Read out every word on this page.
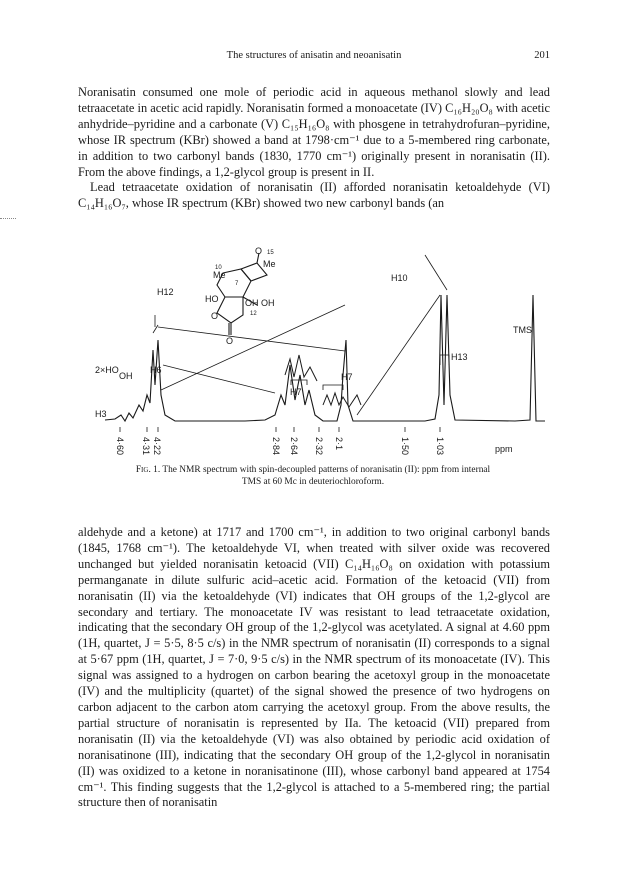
The structures of anisatin and neoanisatin	201

Noranisatin consumed one mole of periodic acid in aqueous methanol slowly and lead tetraacetate in acetic acid rapidly. Noranisatin formed a monoacetate (IV) C₁₆H₂₀O₈ with acetic anhydride–pyridine and a carbonate (V) C₁₅H₁₆O₈ with phosgene in tetrahydrofuran–pyridine, whose IR spectrum (KBr) showed a band at 1798·cm⁻¹ due to a 5-membered ring carbonate, in addition to two carbonyl bands (1830, 1770 cm⁻¹) originally present in noranisatin (II). From the above findings, a 1,2-glycol group is present in II.

Lead tetraacetate oxidation of noranisatin (II) afforded noranisatin ketoaldehyde (VI) C₁₄H₁₆O₇, whose IR spectrum (KBr) showed two new carbonyl bands (an

O 15
Me
10
Me
7
HO	OH OH
12
O
O
H12
H10
TMS
H13
2×HO
OH
H6
H7
H7
H3
4·60 4·31 4·22	2·84 2·64 2·32 2·1	1·50	1·03	ppm
Fig. 1. The NMR spectrum with spin-decoupled patterns of noranisatin (II): ppm from internal TMS at 60 Mc in deuteriochloroform.

aldehyde and a ketone) at 1717 and 1700 cm⁻¹, in addition to two original carbonyl bands (1845, 1768 cm⁻¹). The ketoaldehyde VI, when treated with silver oxide was recovered unchanged but yielded noranisatin ketoacid (VII) C₁₄H₁₆O₈ on oxidation with potassium permanganate in dilute sulfuric acid–acetic acid. Formation of the ketoacid (VII) from noranisatin (II) via the ketoaldehyde (VI) indicates that OH groups of the 1,2-glycol are secondary and tertiary. The monoacetate IV was resistant to lead tetraacetate oxidation, indicating that the secondary OH group of the 1,2-glycol was acetylated. A signal at 4.60 ppm (1H, quartet, J = 5·5, 8·5 c/s) in the NMR spectrum of noranisatin (II) corresponds to a signal at 5·67 ppm (1H, quartet, J = 7·0, 9·5 c/s) in the NMR spectrum of its monoacetate (IV). This signal was assigned to a hydrogen on carbon bearing the acetoxyl group in the monoacetate (IV) and the multiplicity (quartet) of the signal showed the presence of two hydrogens on carbon adjacent to the carbon atom carrying the acetoxyl group. From the above results, the partial structure of noranisatin is represented by IIa. The ketoacid (VII) prepared from noranisatin (II) via the ketoaldehyde (VI) was also obtained by periodic acid oxidation of noranisatinone (III), indicating that the secondary OH group of the 1,2-glycol in noranisatin (II) was oxidized to a ketone in noranisatinone (III), whose carbonyl band appeared at 1754 cm⁻¹. This finding suggests that the 1,2-glycol is attached to a 5-membered ring; the partial structure then of noranisatin
